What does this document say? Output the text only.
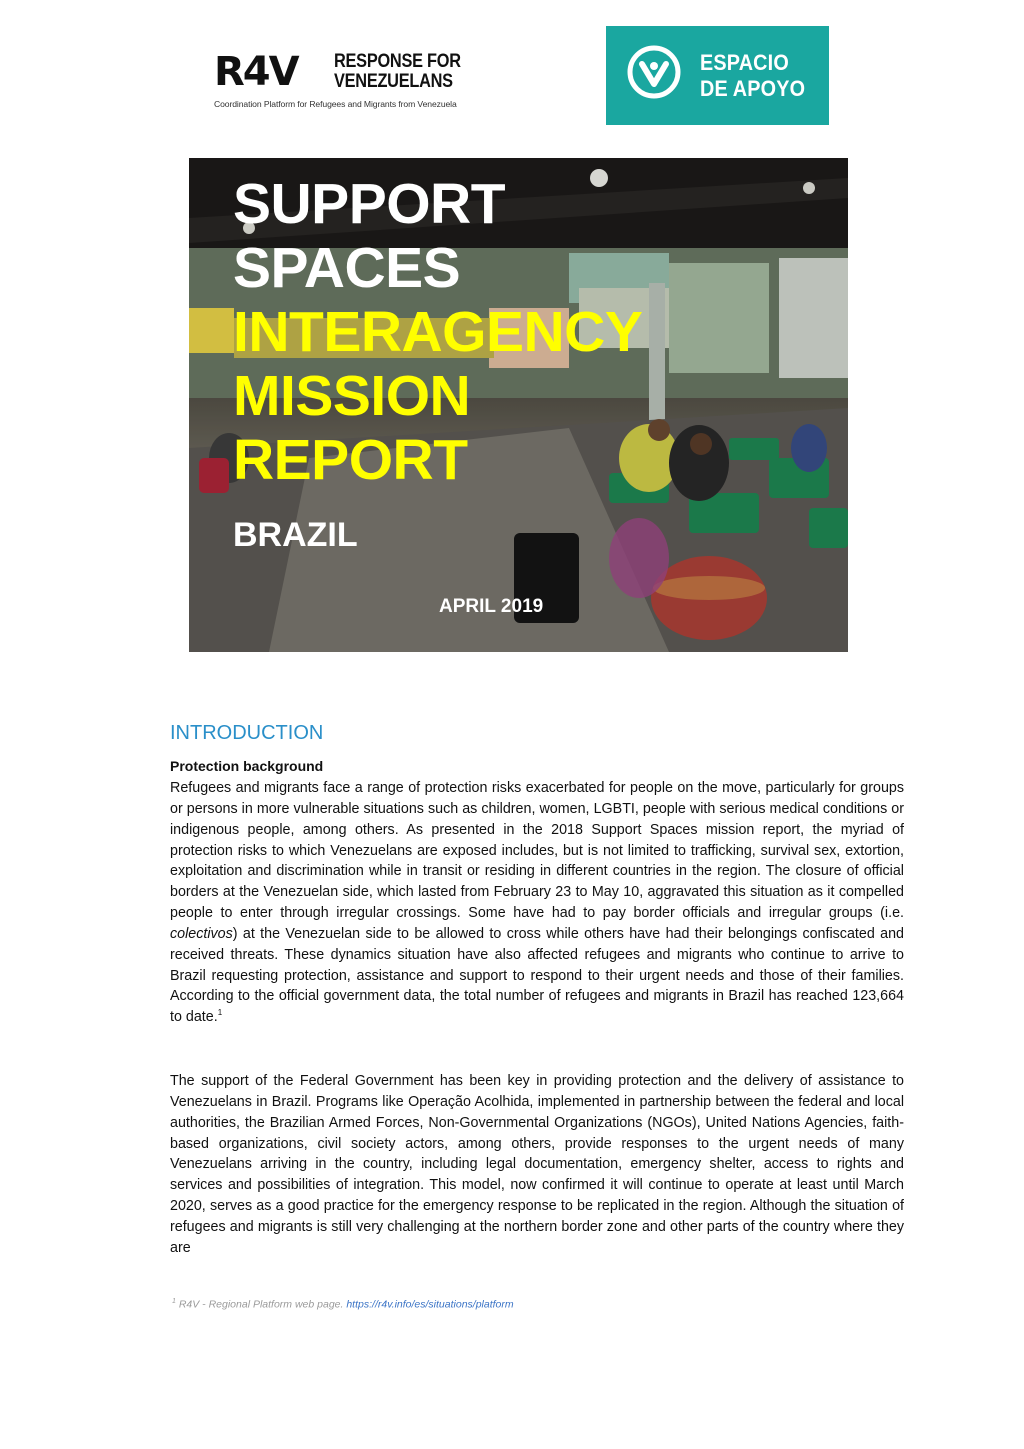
R4V RESPONSE FOR
VENEZUELANS
Coordination Platform for Refugees and Migrants from Venezuela
ESPACIO
DE APOYO
SUPPORT
SPACES
INTERAGENCY
MISSION
REPORT
BRAZIL
APRIL 2019
INTRODUCTION
Protection background

Refugees and migrants face a range of protection risks exacerbated for people on the move, particularly for groups or persons in more vulnerable situations such as children, women, LGBTI, people with serious medical conditions or indigenous people, among others. As presented in the 2018 Support Spaces mission report, the myriad of protection risks to which Venezuelans are exposed includes, but is not limited to trafficking, survival sex, extortion, exploitation and discrimination while in transit or residing in different countries in the region. The closure of official borders at the Venezuelan side, which lasted from February 23 to May 10, aggravated this situation as it compelled people to enter through irregular crossings. Some have had to pay border officials and irregular groups (i.e. colectivos) at the Venezuelan side to be allowed to cross while others have had their belongings confiscated and received threats. These dynamics situation have also affected refugees and migrants who continue to arrive to Brazil requesting protection, assistance and support to respond to their urgent needs and those of their families. According to the official government data, the total number of refugees and migrants in Brazil has reached 123,664 to date.$^1$

The support of the Federal Government has been key in providing protection and the delivery of assistance to Venezuelans in Brazil. Programs like Operação Acolhida, implemented in partnership between the federal and local authorities, the Brazilian Armed Forces, Non-Governmental Organizations (NGOs), United Nations Agencies, faith-based organizations, civil society actors, among others, provide responses to the urgent needs of many Venezuelans arriving in the country, including legal documentation, emergency shelter, access to rights and services and possibilities of integration. This model, now confirmed it will continue to operate at least until March 2020, serves as a good practice for the emergency response to be replicated in the region. Although the situation of refugees and migrants is still very challenging at the northern border zone and other parts of the country where they are

$^1$ R4V - Regional Platform web page. https://r4v.info/es/situations/platform
